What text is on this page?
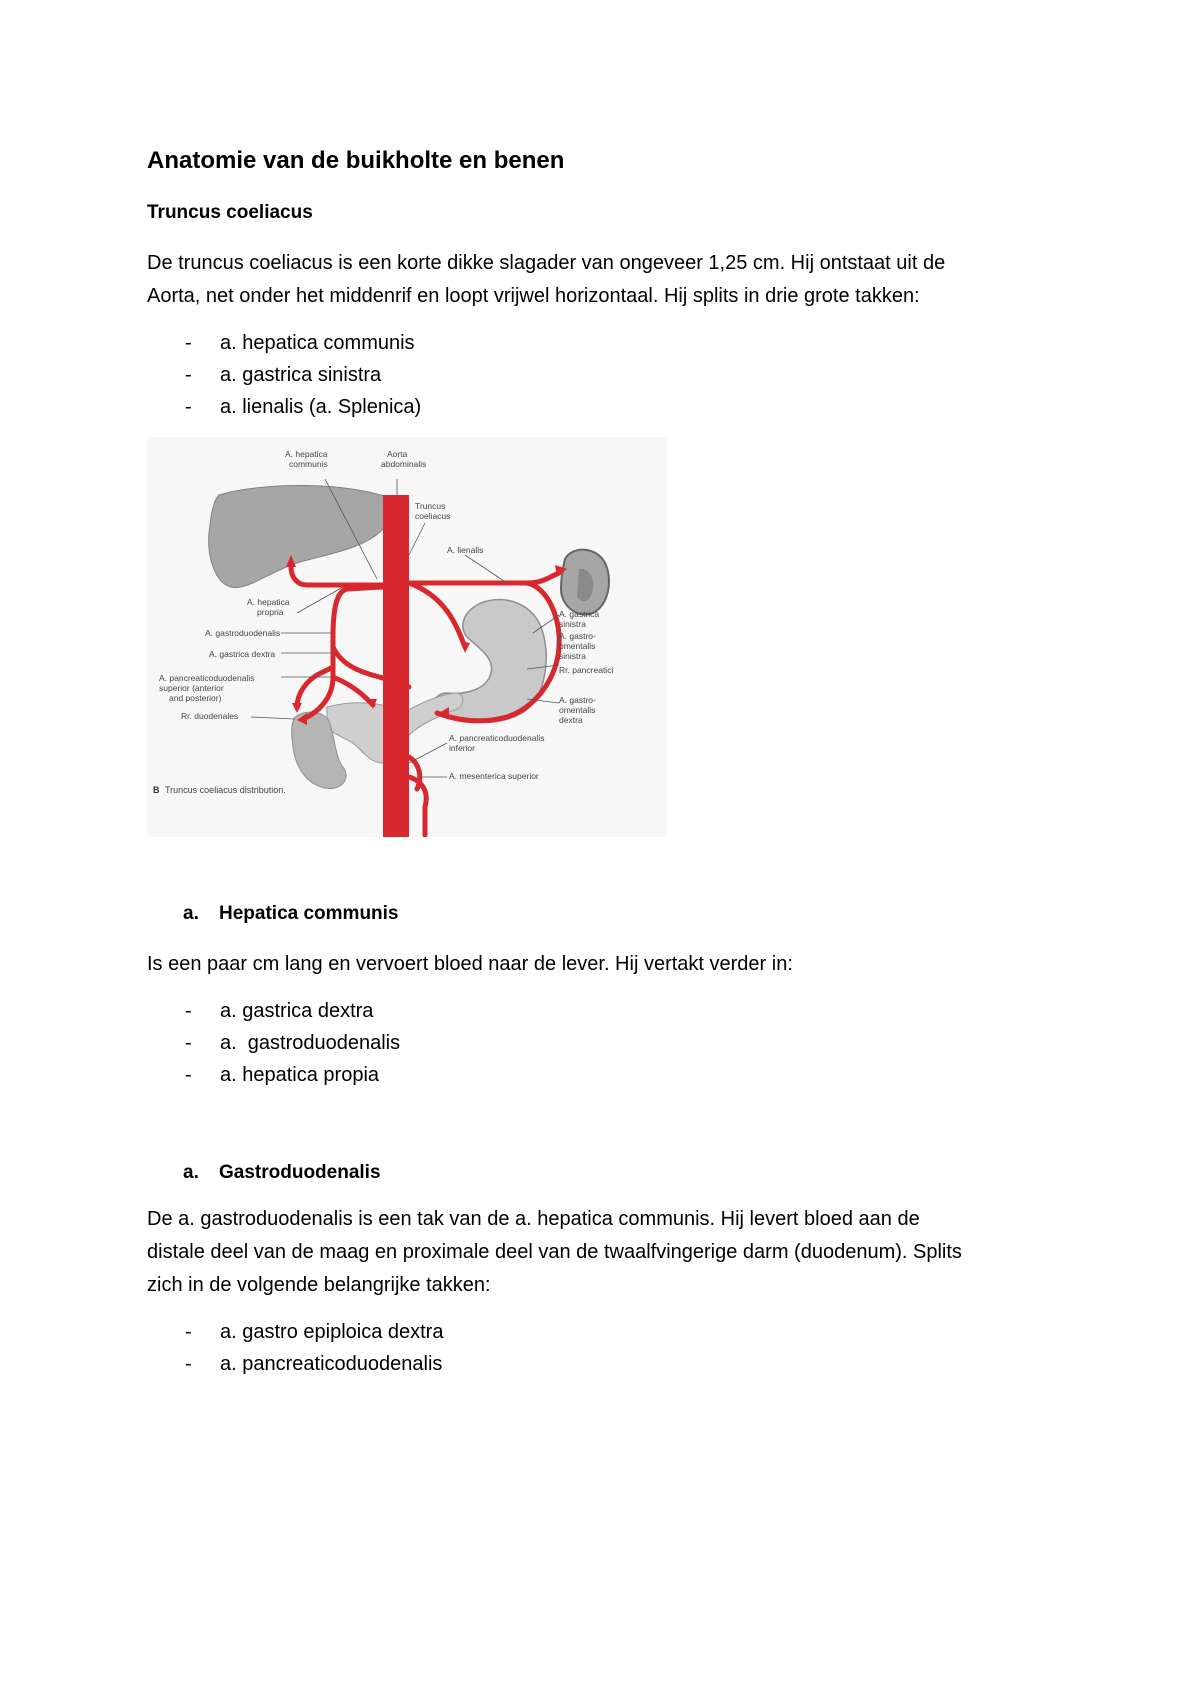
Anatomie van de buikholte en benen
Truncus coeliacus

De truncus coeliacus is een korte dikke slagader van ongeveer 1,25 cm. Hij ontstaat uit de
Aorta, net onder het middenrif en loopt vrijwel horizontaal. Hij splits in drie grote takken:

- a. hepatica communis
- a. gastrica sinistra
- a. lienalis (a. Splenica)
A. hepatica
communis
Aorta
abdominalis
Truncus
coeliacus
A. lienalis
A. hepatica
propria
A. gastroduodenalis
A. gastrica dextra
A. pancreaticoduodenalis
superior (anterior
and posterior)
Rr. duodenales
A. gastrica
sinistra
A. gastro-
omentalis
sinistra
Rr. pancreatici
A. gastro-
omentalis
dextra
A. pancreaticoduodenalis
inferior
A. mesenterica superior
B Truncus coeliacus distribution.
a. Hepatica communis

Is een paar cm lang en vervoert bloed naar de lever. Hij vertakt verder in:

- a. gastrica dextra
- a.  gastroduodenalis
- a. hepatica propia
a. Gastroduodenalis

De a. gastroduodenalis is een tak van de a. hepatica communis. Hij levert bloed aan de
distale deel van de maag en proximale deel van de twaalfvingerige darm (duodenum). Splits
zich in de volgende belangrijke takken:

- a. gastro epiploica dextra
- a. pancreaticoduodenalis
